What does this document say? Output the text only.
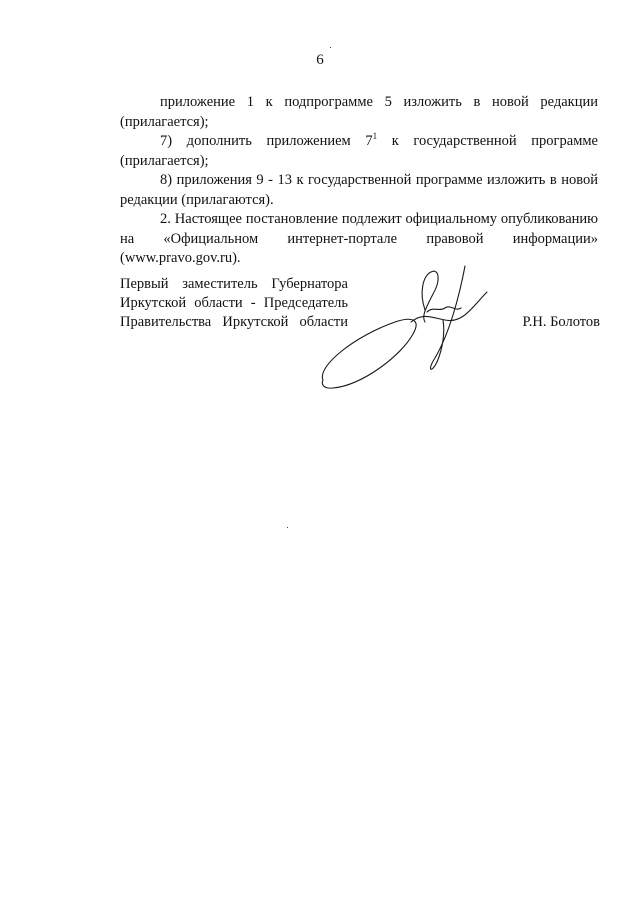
6

приложение 1 к подпрограмме 5 изложить в новой редакции (прилагается);

7) дополнить приложением $7^1$ к государственной программе (прилагается);

8) приложения 9 - 13 к государственной программе изложить в новой редакции (прилагаются).

2. Настоящее постановление подлежит официальному опубликованию на «Официальном интернет-портале правовой информации» (www.pravo.gov.ru).

Первый заместитель Губернатора
Иркутской области - Председатель
Правительства Иркутской области	Р.Н. Болотов
